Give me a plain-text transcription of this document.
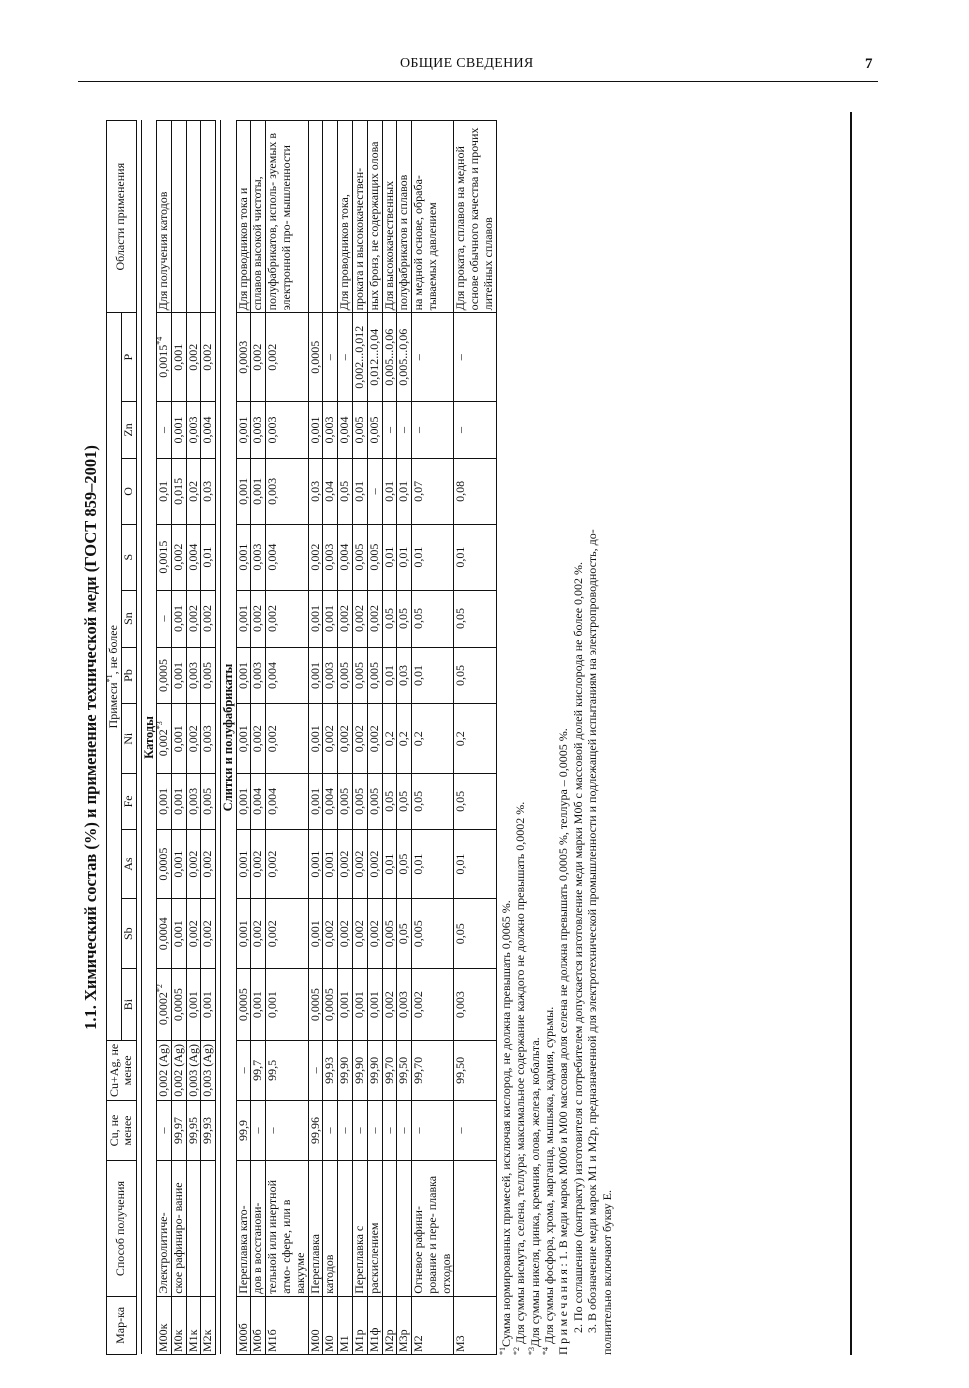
ОБЩИЕ СВЕДЕНИЯ	7
1.1. Химический состав (%) и применение технической меди (ГОСТ 859–2001)
Мар-ка	Способ получения	Cu, не менее	Cu+Ag, не менее	Примеси$^{*1}$, не более											Области применения
				Bi	Sb	As	Fe	Ni	Pb	Sn	S	O	Zn	P	

Катоды															
М00к	Электролитиче-	–	0,002 (Ag)	0,0002$^{*2}$	0,0004	0,0005	0,001	0,002$^{*3}$	0,0005	–	0,0015	0,01	–	0,0015$^{*4}$	Для получения катодов
М0к	ское рафиниро- вание	99,97	0,002 (Ag)	0,0005	0,001	0,001	0,001	0,001	0,001	0,001	0,002	0,015	0,001	0,001	
М1к		99,95	0,003 (Ag)	0,001	0,002	0,002	0,003	0,002	0,003	0,002	0,004	0,02	0,003	0,002	
М2к		99,93	0,003 (Ag)	0,001	0,002	0,002	0,005	0,003	0,005	0,002	0,01	0,03	0,004	0,002	

Слитки и полуфабрикаты															
М00б	Переплавка като-	99,9	–	0,0005	0,001	0,001	0,001	0,001	0,001	0,001	0,001	0,001	0,001	0,0003	Для проводников тока и
М0б	дов в восстанови-	–	99,7	0,001	0,002	0,002	0,004	0,002	0,003	0,002	0,003	0,001	0,003	0,002	сплавов высокой чистоты,
М1б	тельной или инертной атмо- сфере, или в вакууме	–	99,5	0,001	0,002	0,002	0,004	0,002	0,004	0,002	0,004	0,003	0,003	0,002	полуфабрикатов, исполь- зуемых в электронной про- мышленности
М00	Переплавка	99,96	–	0,0005	0,001	0,001	0,001	0,001	0,001	0,001	0,002	0,03	0,001	0,0005	
М0	катодов	–	99,93	0,0005	0,002	0,001	0,004	0,002	0,003	0,001	0,003	0,04	0,003	–	
М1		–	99,90	0,001	0,002	0,002	0,005	0,002	0,005	0,002	0,004	0,05	0,004	–	Для проводников тока,
М1р	Переплавка с	–	99,90	0,001	0,002	0,002	0,005	0,002	0,005	0,002	0,005	0,01	0,005	0,002...0,012	проката и высококачествен-
М1ф	раскислением	–	99,90	0,001	0,002	0,002	0,005	0,002	0,005	0,002	0,005	–	0,005	0,012...0,04	ных бронз, не содержащих олова
М2р		–	99,70	0,002	0,005	0,01	0,05	0,2	0,01	0,05	0,01	0,01	–	0,005...0,06	Для высококачественных
М3р		–	99,50	0,003	0,05	0,05	0,05	0,2	0,03	0,05	0,01	0,01	–	0,005...0,06	полуфабрикатов и сплавов
М2	Огневое рафини- рование и пере- плавка отходов	–	99,70	0,002	0,005	0,01	0,05	0,2	0,01	0,05	0,01	0,07	–	–	на медной основе, обраба- тываемых давлением
М3		–	99,50	0,003	0,05	0,01	0,05	0,2	0,05	0,05	0,01	0,08	–	–	Для проката, сплавов на медной основе обычного качества и прочих литейных сплавов
$^{*1}$Сумма нормированных примесей, исключая кислород, не должна превышать 0,0065 %.
$^{*2}$ Для суммы висмута, селена, теллура; максимальное содержание каждого не должно превышать 0,0002 %.
$^{*3}$Для суммы никеля, цинка, кремния, олова, железа, кобальта.
$^{*4}$ Для суммы фосфора, хрома, марганца, мышьяка, кадмия, сурьмы. Примечания: 1. В меди марок М00б и М00 массовая доля селена не должна превышать 0,0005 %, теллура – 0,0005 %. 2. По соглашению (контракту) изготовителя с потребителем допускается изготовление меди марки М0б с массовой долей кислорода не более 0,002 %. 3. В обозначение меди марок М1 и М2р, предназначенной для электротехнической промышленности и подлежащей испытаниям на электропроводность, до- полнительно включают букву Е.
